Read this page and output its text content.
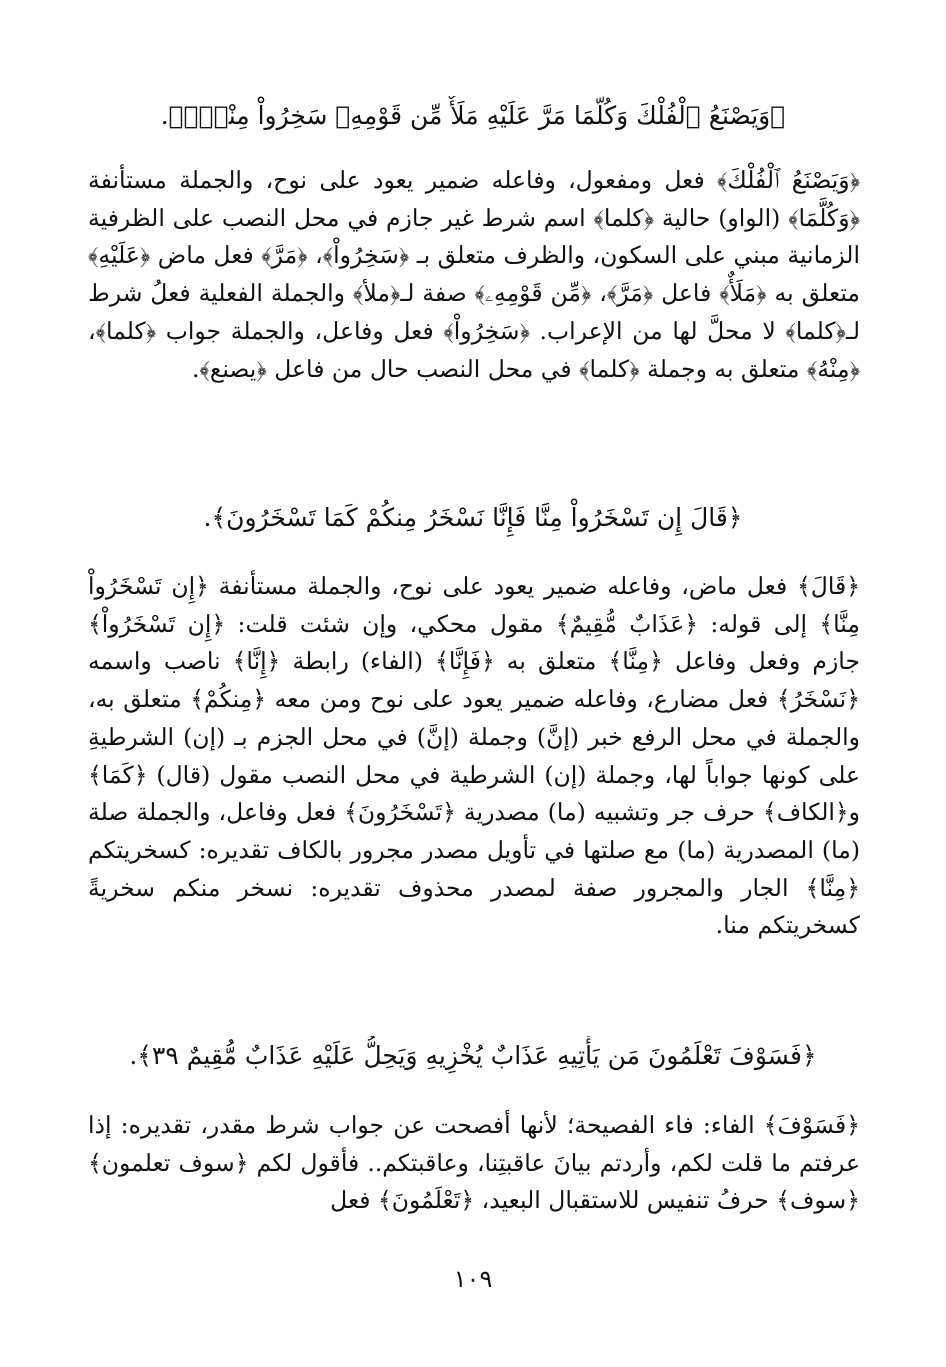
﴿وَيَصْنَعُ ٱلْفُلْكَ وَكُلَّمَا مَرَّ عَلَيْهِ مَلَأٌ مِّن قَوْمِهِۦ سَخِرُواْ مِنْهُۚ﴾.
﴿وَيَصْنَعُ ٱلْفُلْكَ﴾ فعل ومفعول، وفاعله ضمير يعود على نوح، والجملة مستأنفة ﴿وَكُلَّمَا﴾ (الواو) حالية ﴿كلما﴾ اسم شرط غير جازم في محل النصب على الظرفية الزمانية مبني على السكون، والظرف متعلق بـ ﴿سَخِرُواْ﴾، ﴿مَرَّ﴾ فعل ماض ﴿عَلَيْهِ﴾ متعلق به ﴿مَلَأٌ﴾ فاعل ﴿مَرَّ﴾، ﴿مِّن قَوْمِهِۦ﴾ صفة لـ﴿ملأ﴾ والجملة الفعلية فعلُ شرط لـ﴿كلما﴾ لا محلَّ لها من الإعراب. ﴿سَخِرُواْ﴾ فعل وفاعل، والجملة جواب ﴿كلما﴾، ﴿مِنْهُ﴾ متعلق به وجملة ﴿كلما﴾ في محل النصب حال من فاعل ﴿يصنع﴾.
﴿قَالَ إِن تَسْخَرُواْ مِنَّا فَإِنَّا نَسْخَرُ مِنكُمْ كَمَا تَسْخَرُونَ﴾.
﴿قَالَ﴾ فعل ماض، وفاعله ضمير يعود على نوح، والجملة مستأنفة ﴿إِن تَسْخَرُواْ مِنَّا﴾ إلى قوله: ﴿عَذَابٌ مُّقِيمٌ﴾ مقول محكي، وإن شئت قلت: ﴿إِن تَسْخَرُواْ﴾ جازم وفعل وفاعل ﴿مِنَّا﴾ متعلق به ﴿فَإِنَّا﴾ (الفاء) رابطة ﴿إِنَّا﴾ ناصب واسمه ﴿نَسْخَرُ﴾ فعل مضارع، وفاعله ضمير يعود على نوح ومن معه ﴿مِنكُمْ﴾ متعلق به، والجملة في محل الرفع خبر (إنَّ) وجملة (إنَّ) في محل الجزم بـ (إن) الشرطيةِ على كونها جواباً لها، وجملة (إن) الشرطية في محل النصب مقول (قال) ﴿كَمَا﴾ و﴿الكاف﴾ حرف جر وتشبيه (ما) مصدرية ﴿تَسْخَرُونَ﴾ فعل وفاعل، والجملة صلة (ما) المصدرية (ما) مع صلتها في تأويل مصدر مجرور بالكاف تقديره: كسخريتكم ﴿مِنَّا﴾ الجار والمجرور صفة لمصدر محذوف تقديره: نسخر منكم سخريةً كسخريتكم منا.
﴿فَسَوْفَ تَعْلَمُونَ مَن يَأْتِيهِ عَذَابٌ يُخْزِيهِ وَيَحِلُّ عَلَيْهِ عَذَابٌ مُّقِيمٌ ٣٩﴾.
﴿فَسَوْفَ﴾ الفاء: فاء الفصيحة؛ لأنها أفصحت عن جواب شرط مقدر، تقديره: إذا عرفتم ما قلت لكم، وأردتم بيانَ عاقبتِنا، وعاقبتكم.. فأقول لكم ﴿سوف تعلمون﴾ ﴿سوف﴾ حرفُ تنفيس للاستقبال البعيد، ﴿تَعْلَمُونَ﴾ فعل
١٠٩
